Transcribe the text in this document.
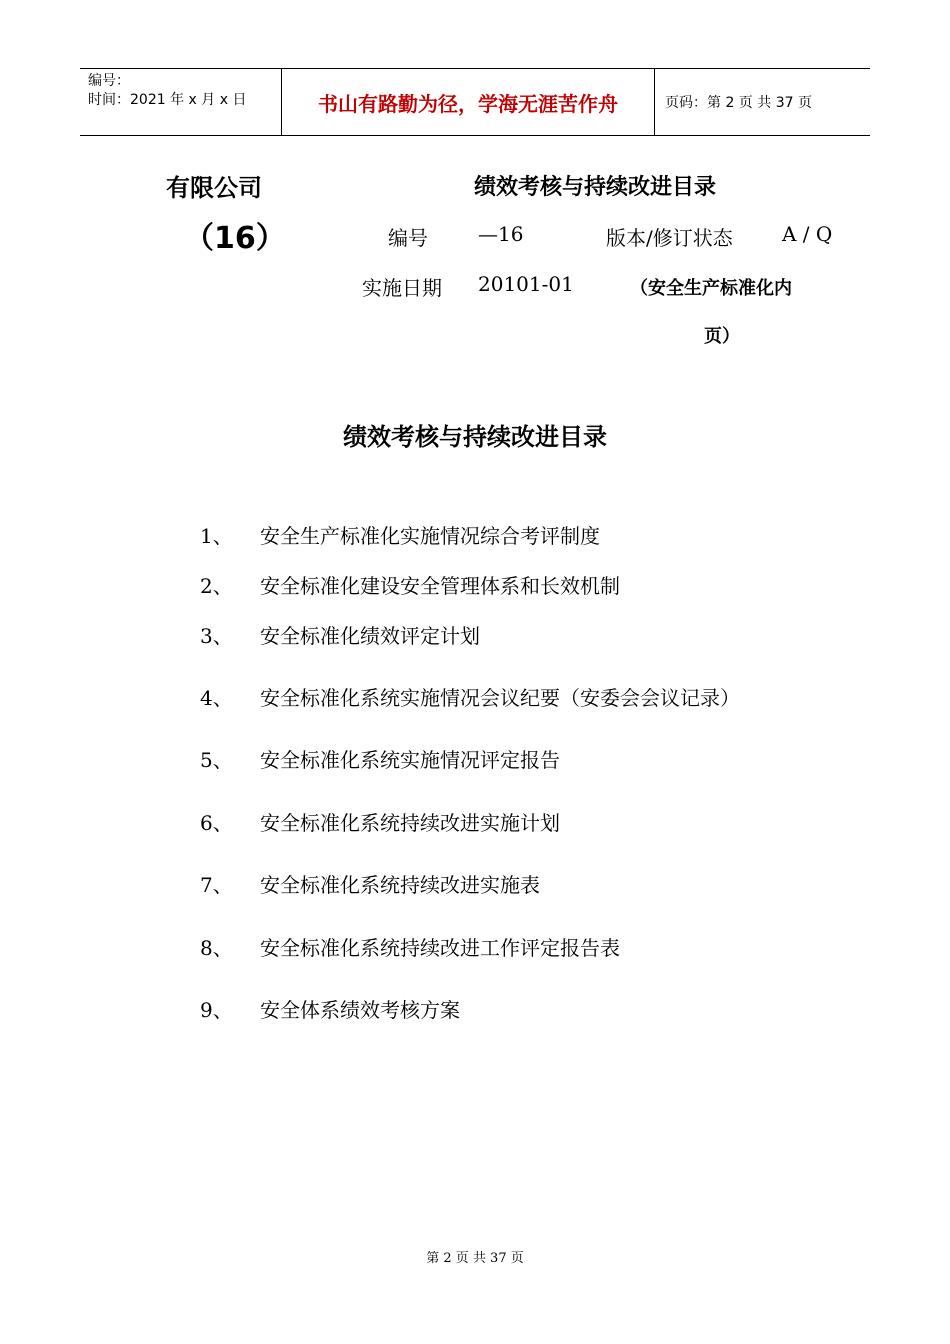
编号：
时间：2021 年 x 月 x 日	书山有路勤为径，学海无涯苦作舟	页码：第 2 页 共 37 页
有限公司
（16）
绩效考核与持续改进目录
编号	—16	版本/修订状态 A / Q
实施日期 20101-01	（安全生产标准化内
页）
绩效考核与持续改进目录
1、 安全生产标准化实施情况综合考评制度
2、 安全标准化建设安全管理体系和长效机制
3、 安全标准化绩效评定计划
4、 安全标准化系统实施情况会议纪要（安委会会议记录）
5、 安全标准化系统实施情况评定报告
6、 安全标准化系统持续改进实施计划
7、 安全标准化系统持续改进实施表
8、 安全标准化系统持续改进工作评定报告表
9、 安全体系绩效考核方案
第 2 页 共 37 页
